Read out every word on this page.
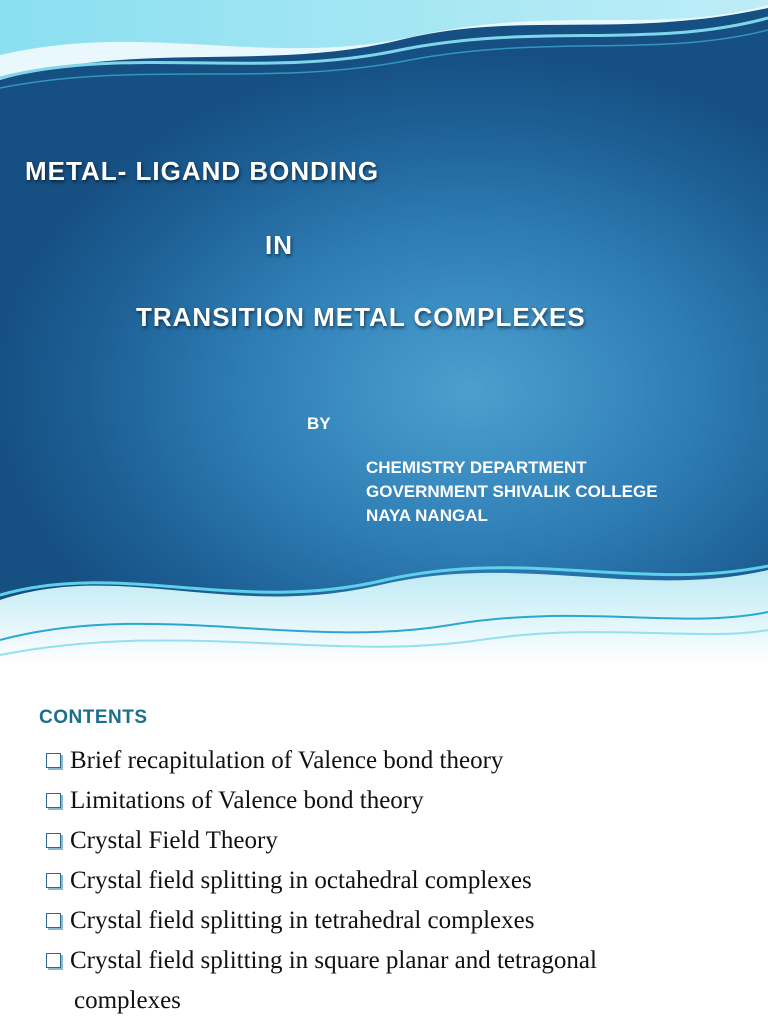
METAL- LIGAND BONDING
IN
TRANSITION METAL COMPLEXES
BY
CHEMISTRY DEPARTMENT
GOVERNMENT SHIVALIK COLLEGE
NAYA NANGAL
CONTENTS
Brief recapitulation of Valence bond theory
Limitations of Valence bond theory
Crystal Field Theory
Crystal field splitting in octahedral complexes
Crystal field splitting in tetrahedral complexes
Crystal field splitting in square planar and tetragonal
complexes
